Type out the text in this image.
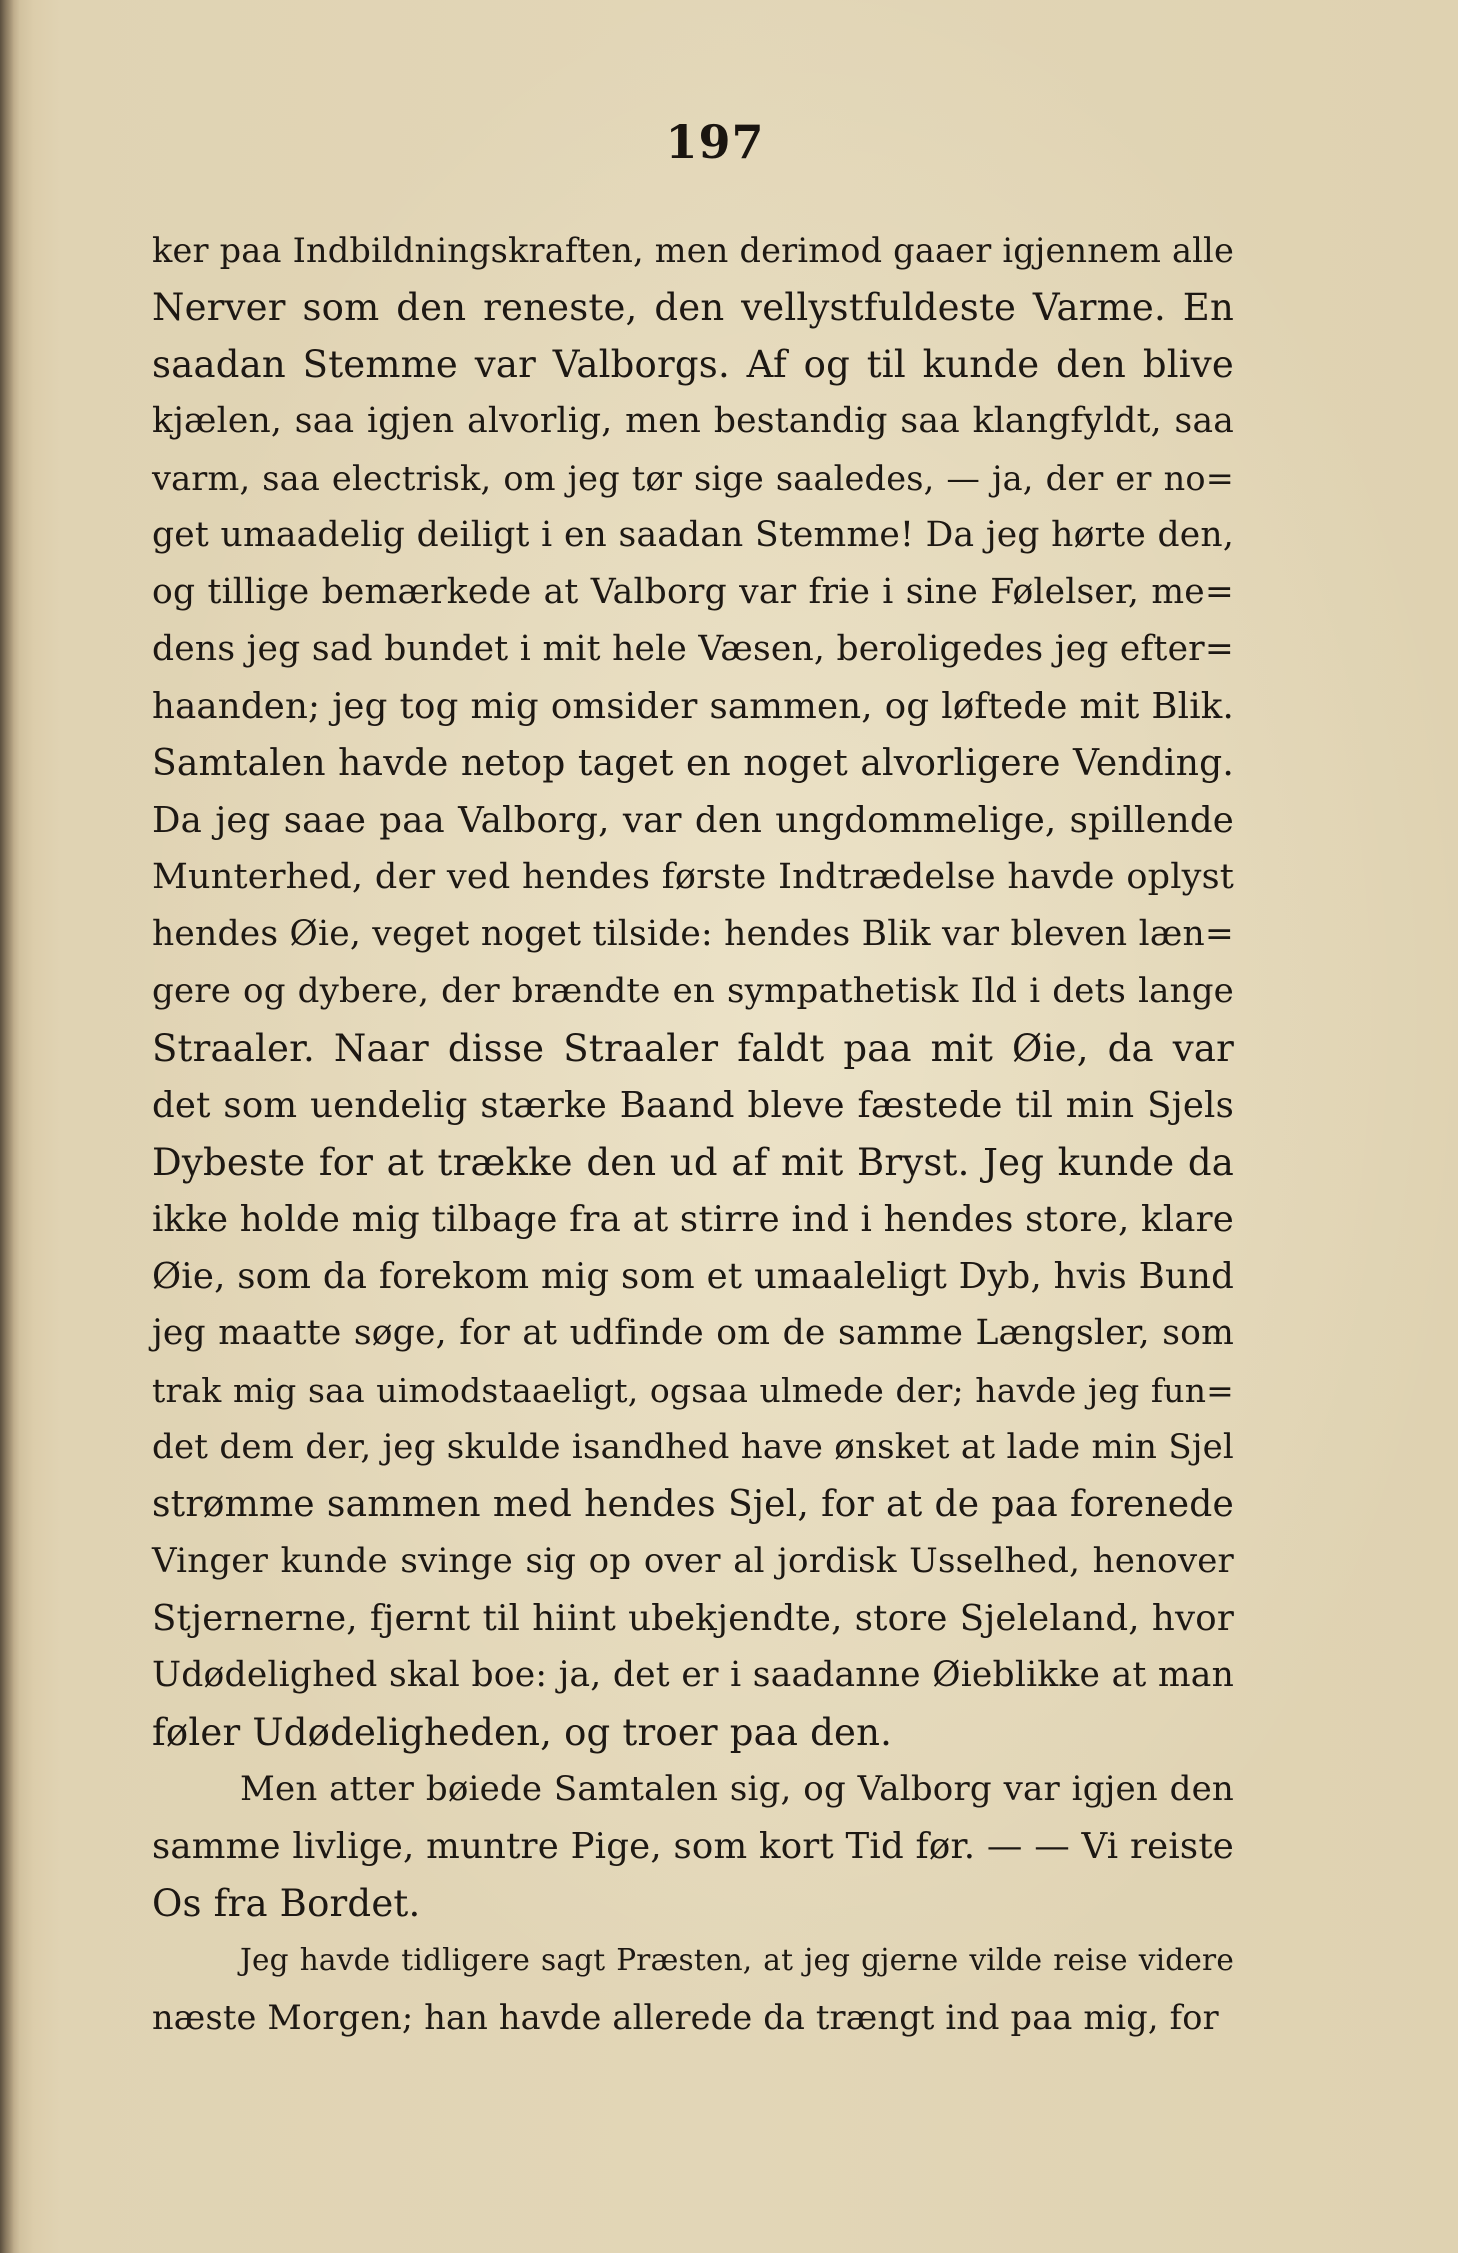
197
ker paa Indbildningskraften, men derimod gaaer igjennem alle
Nerver som den reneste, den vellystfuldeste Varme. En
saadan Stemme var Valborgs. Af og til kunde den blive
kjælen, saa igjen alvorlig, men bestandig saa klangfyldt, saa
varm, saa electrisk, om jeg tør sige saaledes, — ja, der er no=
get umaadelig deiligt i en saadan Stemme! Da jeg hørte den,
og tillige bemærkede at Valborg var frie i sine Følelser, me=
dens jeg sad bundet i mit hele Væsen, beroligedes jeg efter=
haanden; jeg tog mig omsider sammen, og løftede mit Blik.
Samtalen havde netop taget en noget alvorligere Vending.
Da jeg saae paa Valborg, var den ungdommelige, spillende
Munterhed, der ved hendes første Indtrædelse havde oplyst
hendes Øie, veget noget tilside: hendes Blik var bleven læn=
gere og dybere, der brændte en sympathetisk Ild i dets lange
Straaler. Naar disse Straaler faldt paa mit Øie, da var
det som uendelig stærke Baand bleve fæstede til min Sjels
Dybeste for at trække den ud af mit Bryst. Jeg kunde da
ikke holde mig tilbage fra at stirre ind i hendes store, klare
Øie, som da forekom mig som et umaaleligt Dyb, hvis Bund
jeg maatte søge, for at udfinde om de samme Længsler, som
trak mig saa uimodstaaeligt, ogsaa ulmede der; havde jeg fun=
det dem der, jeg skulde isandhed have ønsket at lade min Sjel
strømme sammen med hendes Sjel, for at de paa forenede
Vinger kunde svinge sig op over al jordisk Usselhed, henover
Stjernerne, fjernt til hiint ubekjendte, store Sjeleland, hvor
Udødelighed skal boe: ja, det er i saadanne Øieblikke at man
føler Udødeligheden, og troer paa den.
Men atter bøiede Samtalen sig, og Valborg var igjen den
samme livlige, muntre Pige, som kort Tid før. — — Vi reiste
Os fra Bordet.
Jeg havde tidligere sagt Præsten, at jeg gjerne vilde reise videre
næste Morgen; han havde allerede da trængt ind paa mig, for
